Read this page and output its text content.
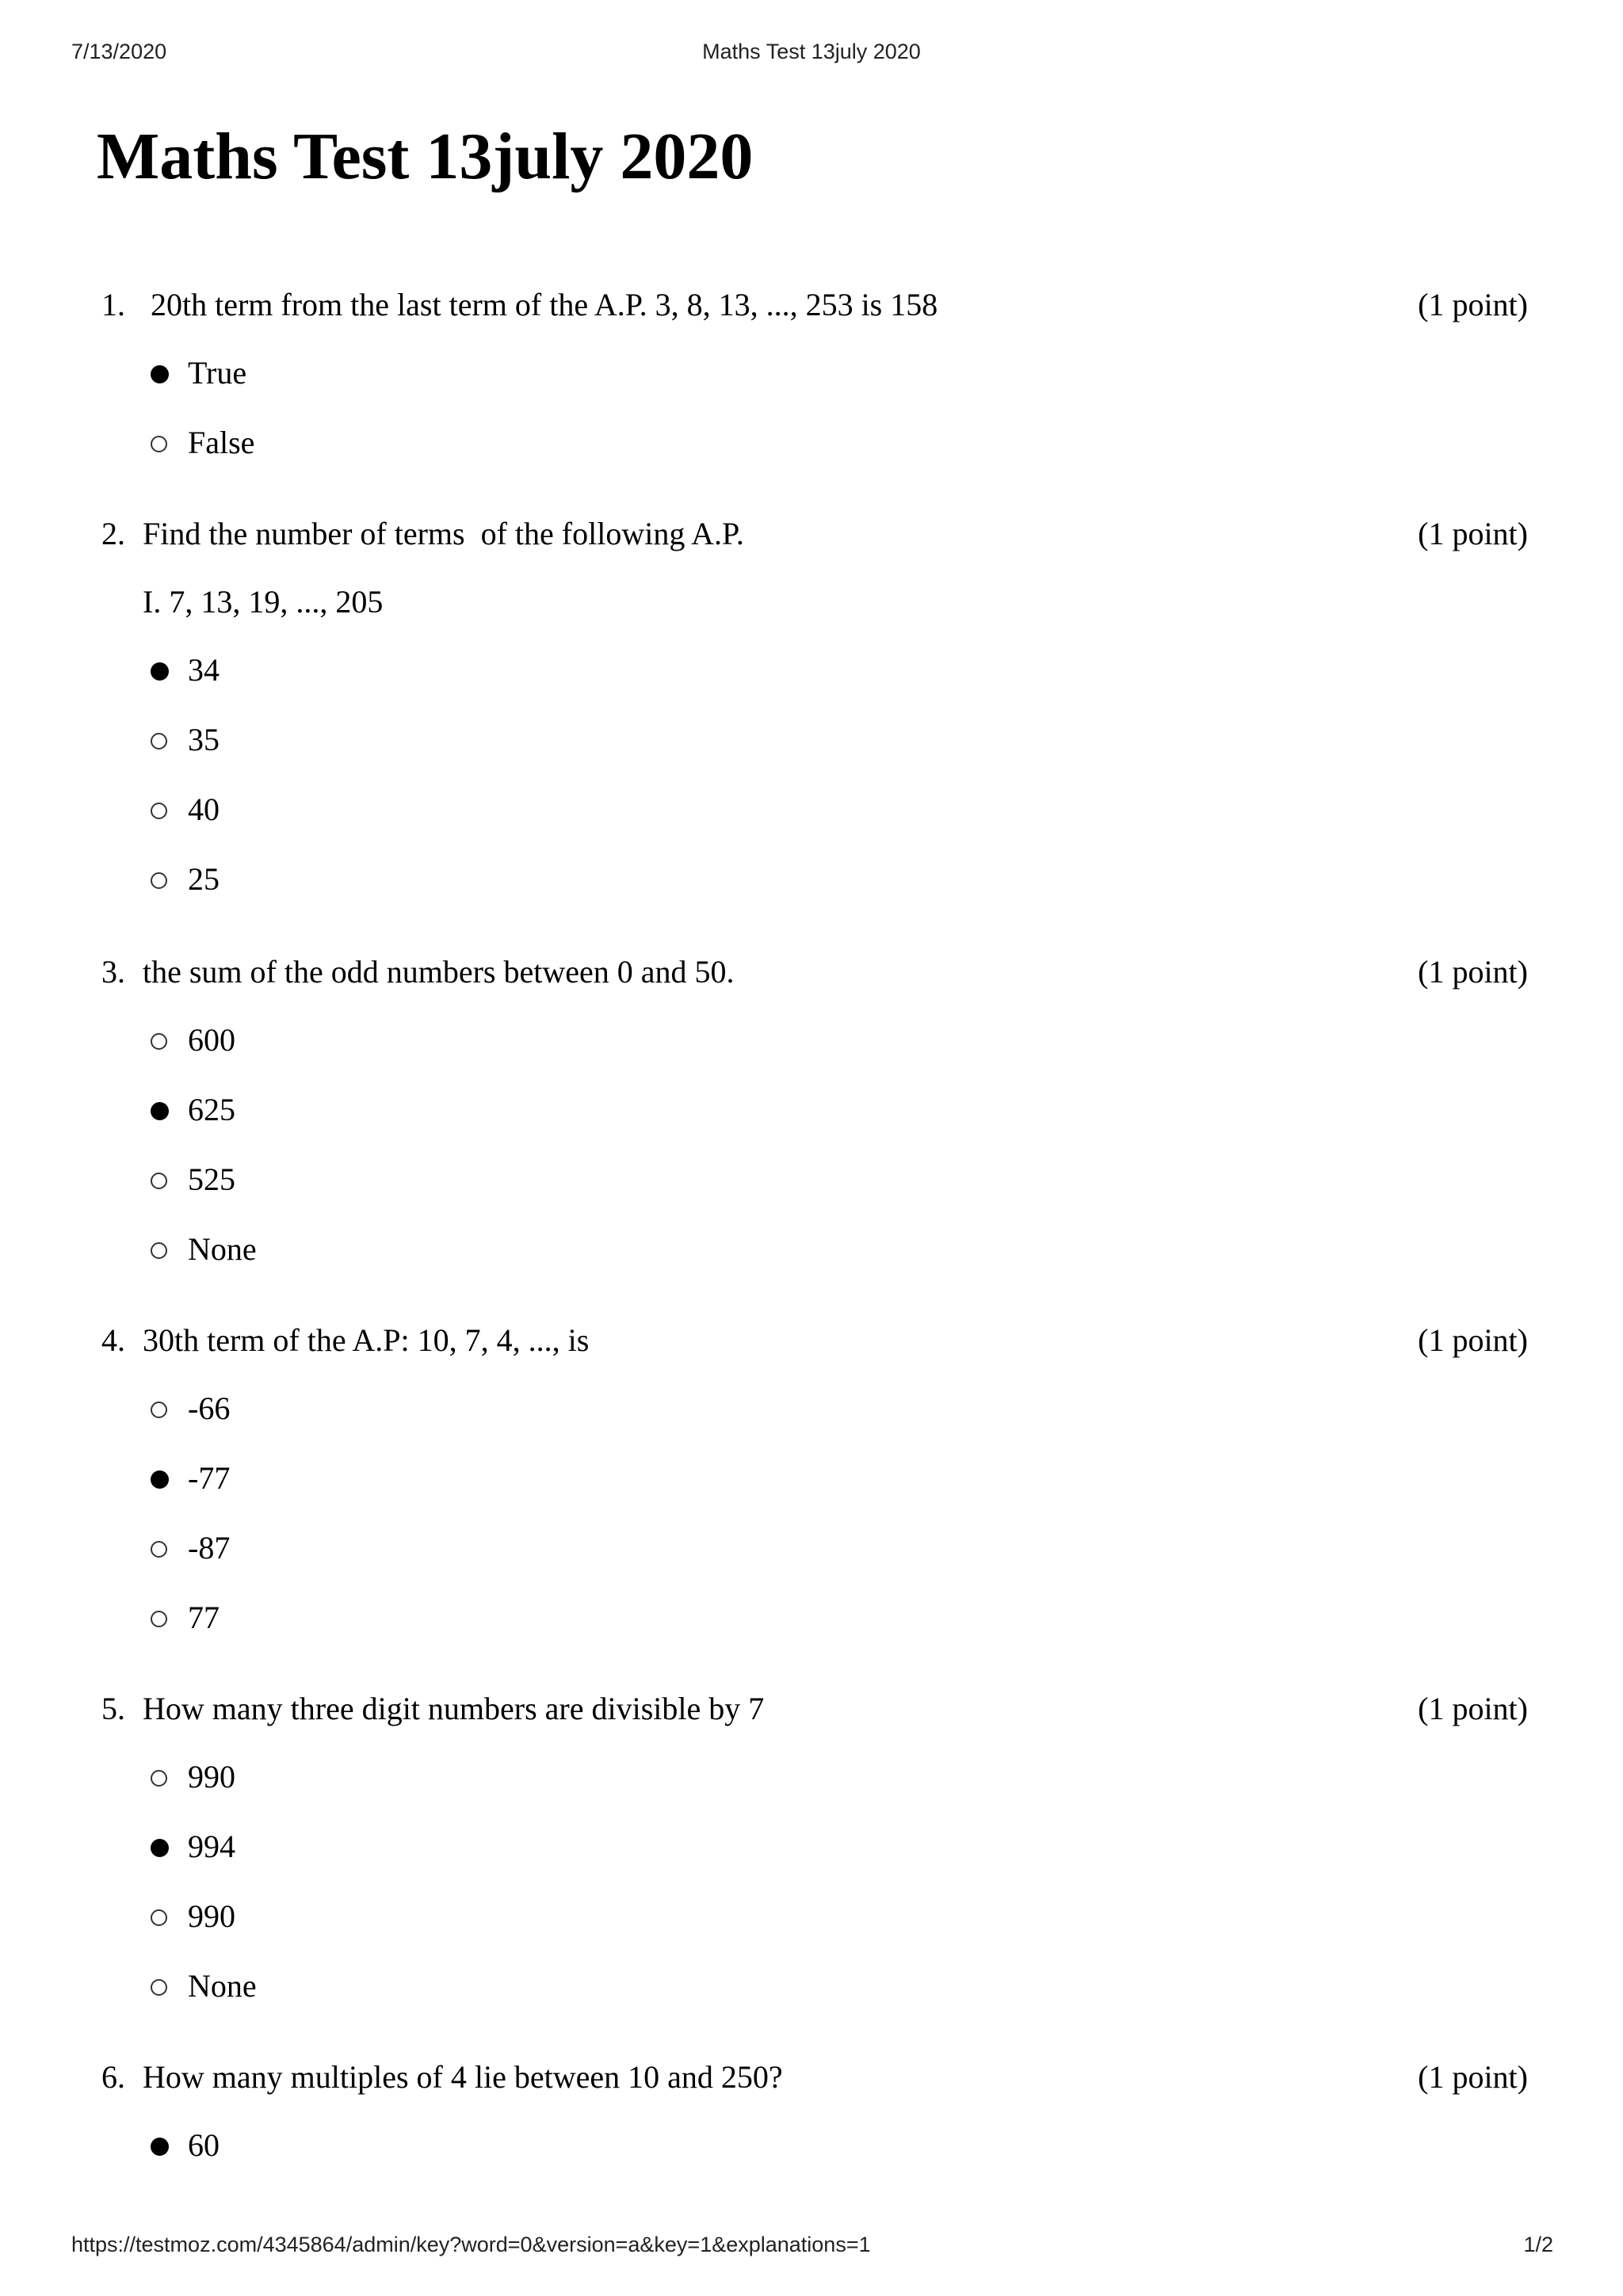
7/13/2020	Maths Test 13july 2020
Maths Test 13july 2020
1. 20th term from the last term of the A.P. 3, 8, 13, ..., 253 is 158	(1 point)
True
False
2. Find the number of terms  of the following A.P.	(1 point)
I. 7, 13, 19, ..., 205
34
35
40
25
3. the sum of the odd numbers between 0 and 50.	(1 point)
600
625
525
None
4. 30th term of the A.P: 10, 7, 4, ..., is	(1 point)
-66
-77
-87
77
5. How many three digit numbers are divisible by 7	(1 point)
990
994
990
None
6. How many multiples of 4 lie between 10 and 250?	(1 point)
60
https://testmoz.com/4345864/admin/key?word=0&version=a&key=1&explanations=1	1/2
